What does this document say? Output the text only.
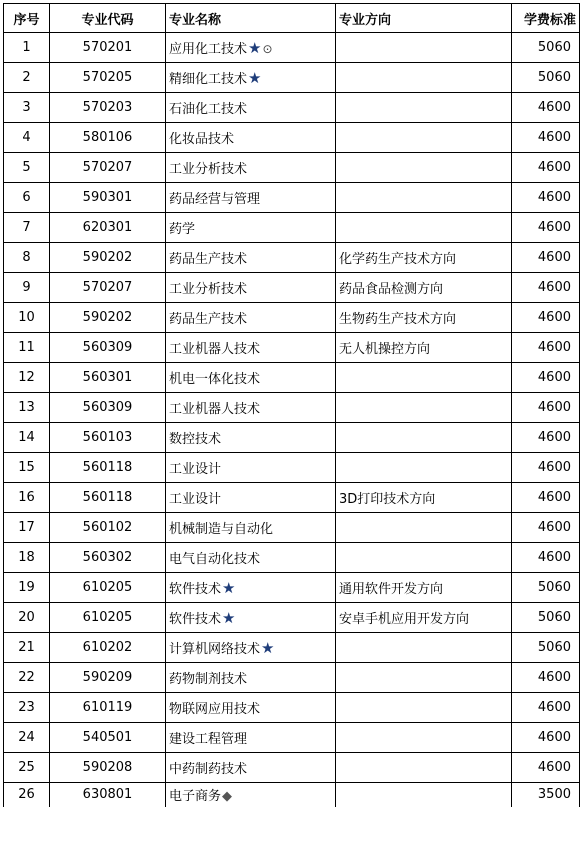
序号	专业代码	专业名称	专业方向	学费标准
1	570201	应用化工技术★⊙		5060
2	570205	精细化工技术★		5060
3	570203	石油化工技术		4600
4	580106	化妆品技术		4600
5	570207	工业分析技术		4600
6	590301	药品经营与管理		4600
7	620301	药学		4600
8	590202	药品生产技术	化学药生产技术方向	4600
9	570207	工业分析技术	药品食品检测方向	4600
10	590202	药品生产技术	生物药生产技术方向	4600
11	560309	工业机器人技术	无人机操控方向	4600
12	560301	机电一体化技术		4600
13	560309	工业机器人技术		4600
14	560103	数控技术		4600
15	560118	工业设计		4600
16	560118	工业设计	3D打印技术方向	4600
17	560102	机械制造与自动化		4600
18	560302	电气自动化技术		4600
19	610205	软件技术★	通用软件开发方向	5060
20	610205	软件技术★	安卓手机应用开发方向	5060
21	610202	计算机网络技术★		5060
22	590209	药物制剂技术		4600
23	610119	物联网应用技术		4600
24	540501	建设工程管理		4600
25	590208	中药制药技术		4600
26	630801	电子商务◆		3500
